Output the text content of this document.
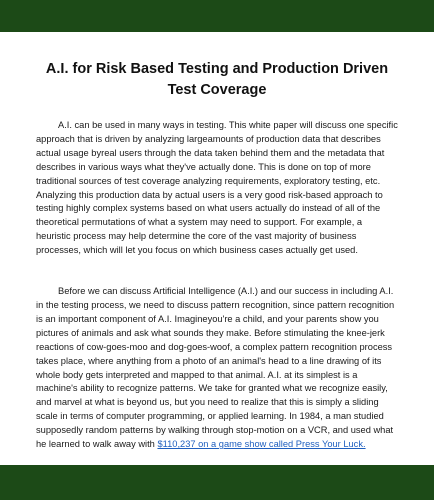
A.I. for Risk Based Testing and Production Driven Test Coverage

A.I. can be used in many ways in testing. This white paper will discuss one specific approach that is driven by analyzing largeamounts of production data that describes actual usage byreal users through the data taken behind them and the metadata that describes in various ways what they've actually done. This is done on top of more traditional sources of test coverage analyzing requirements, exploratory testing, etc. Analyzing this production data by actual users is a very good risk-based approach to testing highly complex systems based on what users actually do instead of all of the theoretical permutations of what a system may need to support. For example, a heuristic process may help determine the core of the vast majority of business processes, which will let you focus on which business cases actually get used.

Before we can discuss Artificial Intelligence (A.I.) and our success in including A.I. in the testing process, we need to discuss pattern recognition, since pattern recognition is an important component of A.I. Imagineyou're a child, and your parents show you pictures of animals and ask what sounds they make. Before stimulating the knee-jerk reactions of cow-goes-moo and dog-goes-woof, a complex pattern recognition process takes place, where anything from a photo of an animal's head to a line drawing of its whole body gets interpreted and mapped to that animal. A.I. at its simplest is a machine's ability to recognize patterns. We take for granted what we recognize easily, and marvel at what is beyond us, but you need to realize that this is simply a sliding scale in terms of computer programming, or applied learning. In 1984, a man studied supposedly random patterns by walking through stop-motion on a VCR, and used what he learned to walk away with $110,237 on a game show called Press Your Luck.
